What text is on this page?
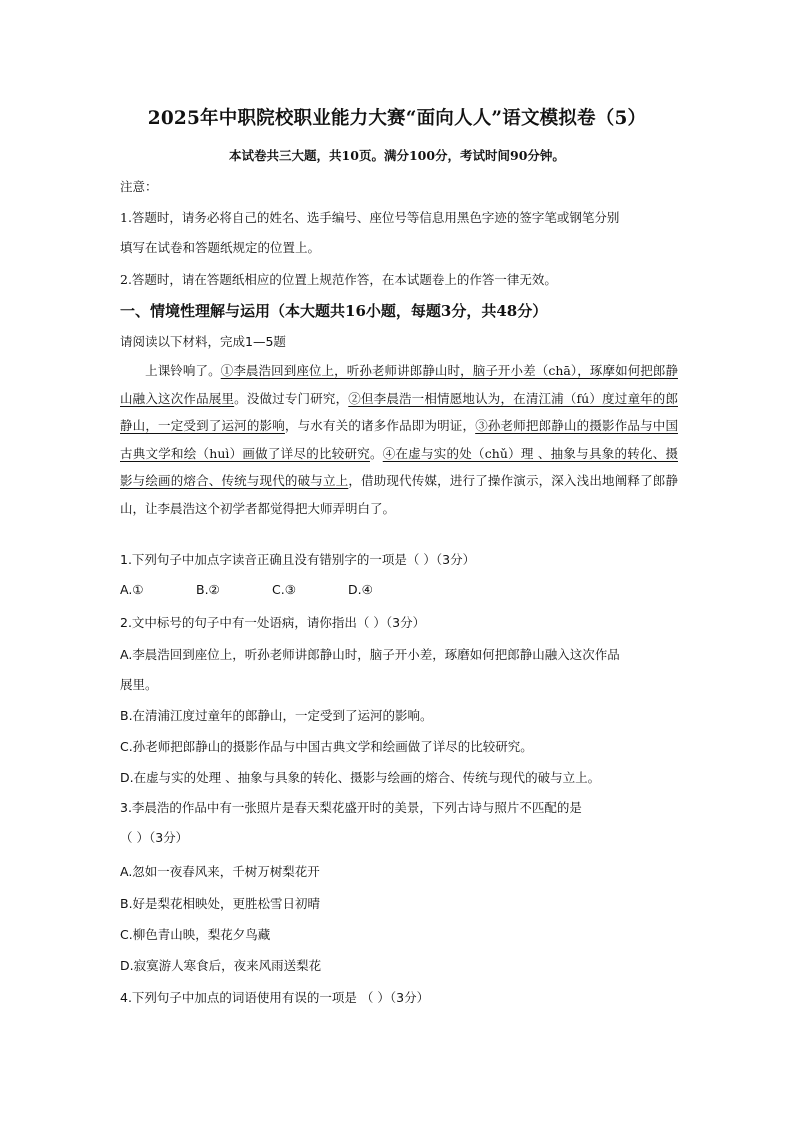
2025年中职院校职业能力大赛“面向人人”语文模拟卷（5）
本试卷共三大题，共10页。满分100分，考试时间90分钟。
注意：
1.答题时，请务必将自己的姓名、选手编号、座位号等信息用黑色字迹的签字笔或钢笔分别
填写在试卷和答题纸规定的位置上。
2.答题时，请在答题纸相应的位置上规范作答，在本试题卷上的作答一律无效。
一、情境性理解与运用（本大题共16小题，每题3分，共48分）
请阅读以下材料，完成1—5题
上课铃响了。①李晨浩回到座位上，听孙老师讲郎静山时，脑子开小差（chā），琢摩如何把郎静山融入这次作品展里。没做过专门研究，②但李晨浩一相情愿地认为，在清江浦（fú）度过童年的郎静山，一定受到了运河的影响，与水有关的诸多作品即为明证，③孙老师把郎静山的摄影作品与中国古典文学和绘（huì）画做了详尽的比较研究。④在虚与实的处（chǔ）理 、抽象与具象的转化、摄影与绘画的熔合、传统与现代的破与立上，借助现代传媒，进行了操作演示，深入浅出地阐释了郎静山，让李晨浩这个初学者都觉得把大师弄明白了。
1.下列句子中加点字读音正确且没有错别字的一项是（ ）（3分）
A.①	B.②	C.③	D.④
2.文中标号的句子中有一处语病，请你指出（ ）（3分）
A.李晨浩回到座位上，听孙老师讲郎静山时，脑子开小差，琢磨如何把郎静山融入这次作品
展里。
B.在清浦江度过童年的郎静山，一定受到了运河的影响。
C.孙老师把郎静山的摄影作品与中国古典文学和绘画做了详尽的比较研究。
D.在虚与实的处理 、抽象与具象的转化、摄影与绘画的熔合、传统与现代的破与立上。
3.李晨浩的作品中有一张照片是春天梨花盛开时的美景，下列古诗与照片不匹配的是
（ ）（3分）
A.忽如一夜春风来，千树万树梨花开
B.好是梨花相映处，更胜松雪日初晴
C.柳色青山映，梨花夕鸟藏
D.寂寞游人寒食后，夜来风雨送梨花
4.下列句子中加点的词语使用有误的一项是 （ ）（3分）
